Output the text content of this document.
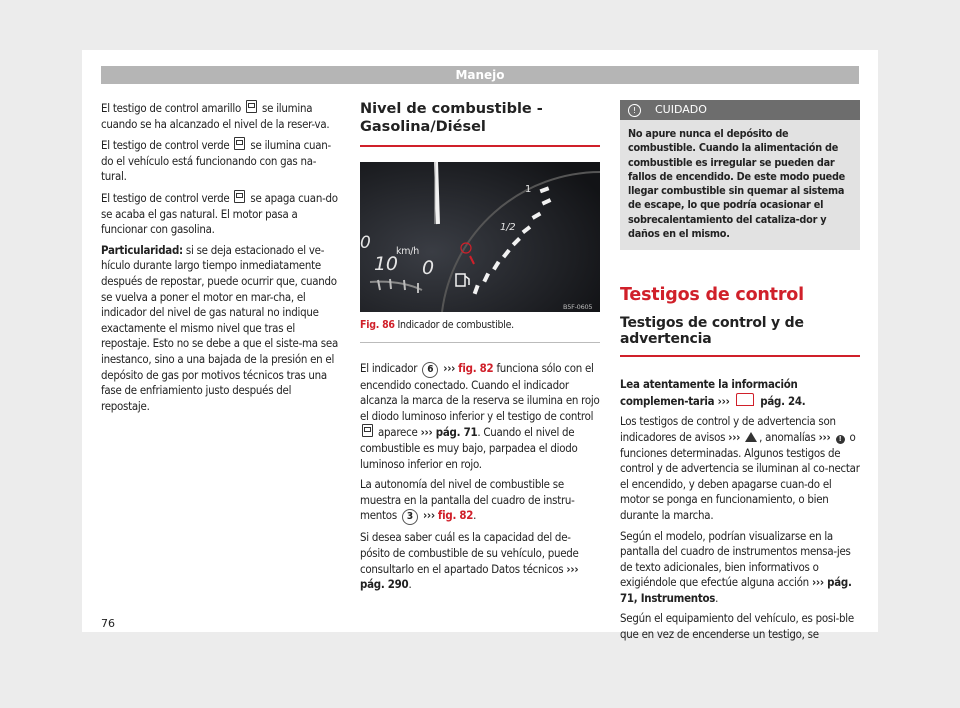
Manejo

El testigo de control amarillo se ilumina cuando se ha alcanzado el nivel de la reser-va.

El testigo de control verde se ilumina cuan-do el vehículo está funcionando con gas na-tural.

El testigo de control verde se apaga cuan-do se acaba el gas natural. El motor pasa a funcionar con gasolina.

Particularidad: si se deja estacionado el ve-hículo durante largo tiempo inmediatamente después de repostar, puede ocurrir que, cuando se vuelva a poner el motor en mar-cha, el indicador del nivel de gas natural no indique exactamente el mismo nivel que tras el repostaje. Esto no se debe a que el siste-ma sea inestanco, sino a una bajada de la presión en el depósito de gas por motivos técnicos tras una fase de enfriamiento justo después del repostaje.

Nivel de combustible -
Gasolina/Diésel
10 0
0	km/h
1
1/2
B5F-0605
Fig. 86 Indicador de combustible.

El indicador 6 ››› fig. 82 funciona sólo con el encendido conectado. Cuando el indicador alcanza la marca de la reserva se ilumina en rojo el diodo luminoso inferior y el testigo de control  aparece ››› pág. 71. Cuando el nivel de combustible es muy bajo, parpadea el diodo luminoso inferior en rojo.

La autonomía del nivel de combustible se muestra en la pantalla del cuadro de instru-mentos 3 ››› fig. 82.

Si desea saber cuál es la capacidad del de-pósito de combustible de su vehículo, puede consultarlo en el apartado Datos técnicos ››› pág. 290.

! CUIDADO
No apure nunca el depósito de combustible. Cuando la alimentación de combustible es irregular se pueden dar fallos de encendido. De este modo puede llegar combustible sin quemar al sistema de escape, lo que podría ocasionar el sobrecalentamiento del cataliza-dor y daños en el mismo.
Testigos de control
Testigos de control y de advertencia

Lea atentamente la información complemen-taria ›››	pág. 24.

Los testigos de control y de advertencia son indicadores de avisos ››› , anomalías ››› ! o funciones determinadas. Algunos testigos de control y de advertencia se iluminan al co-nectar el encendido, y deben apagarse cuan-do el motor se ponga en funcionamiento, o bien durante la marcha.

Según el modelo, podrían visualizarse en la pantalla del cuadro de instrumentos mensa-jes de texto adicionales, bien informativos o exigiéndole que efectúe alguna acción ››› pág. 71, Instrumentos.

Según el equipamiento del vehículo, es posi-ble que en vez de encenderse un testigo, se

76
